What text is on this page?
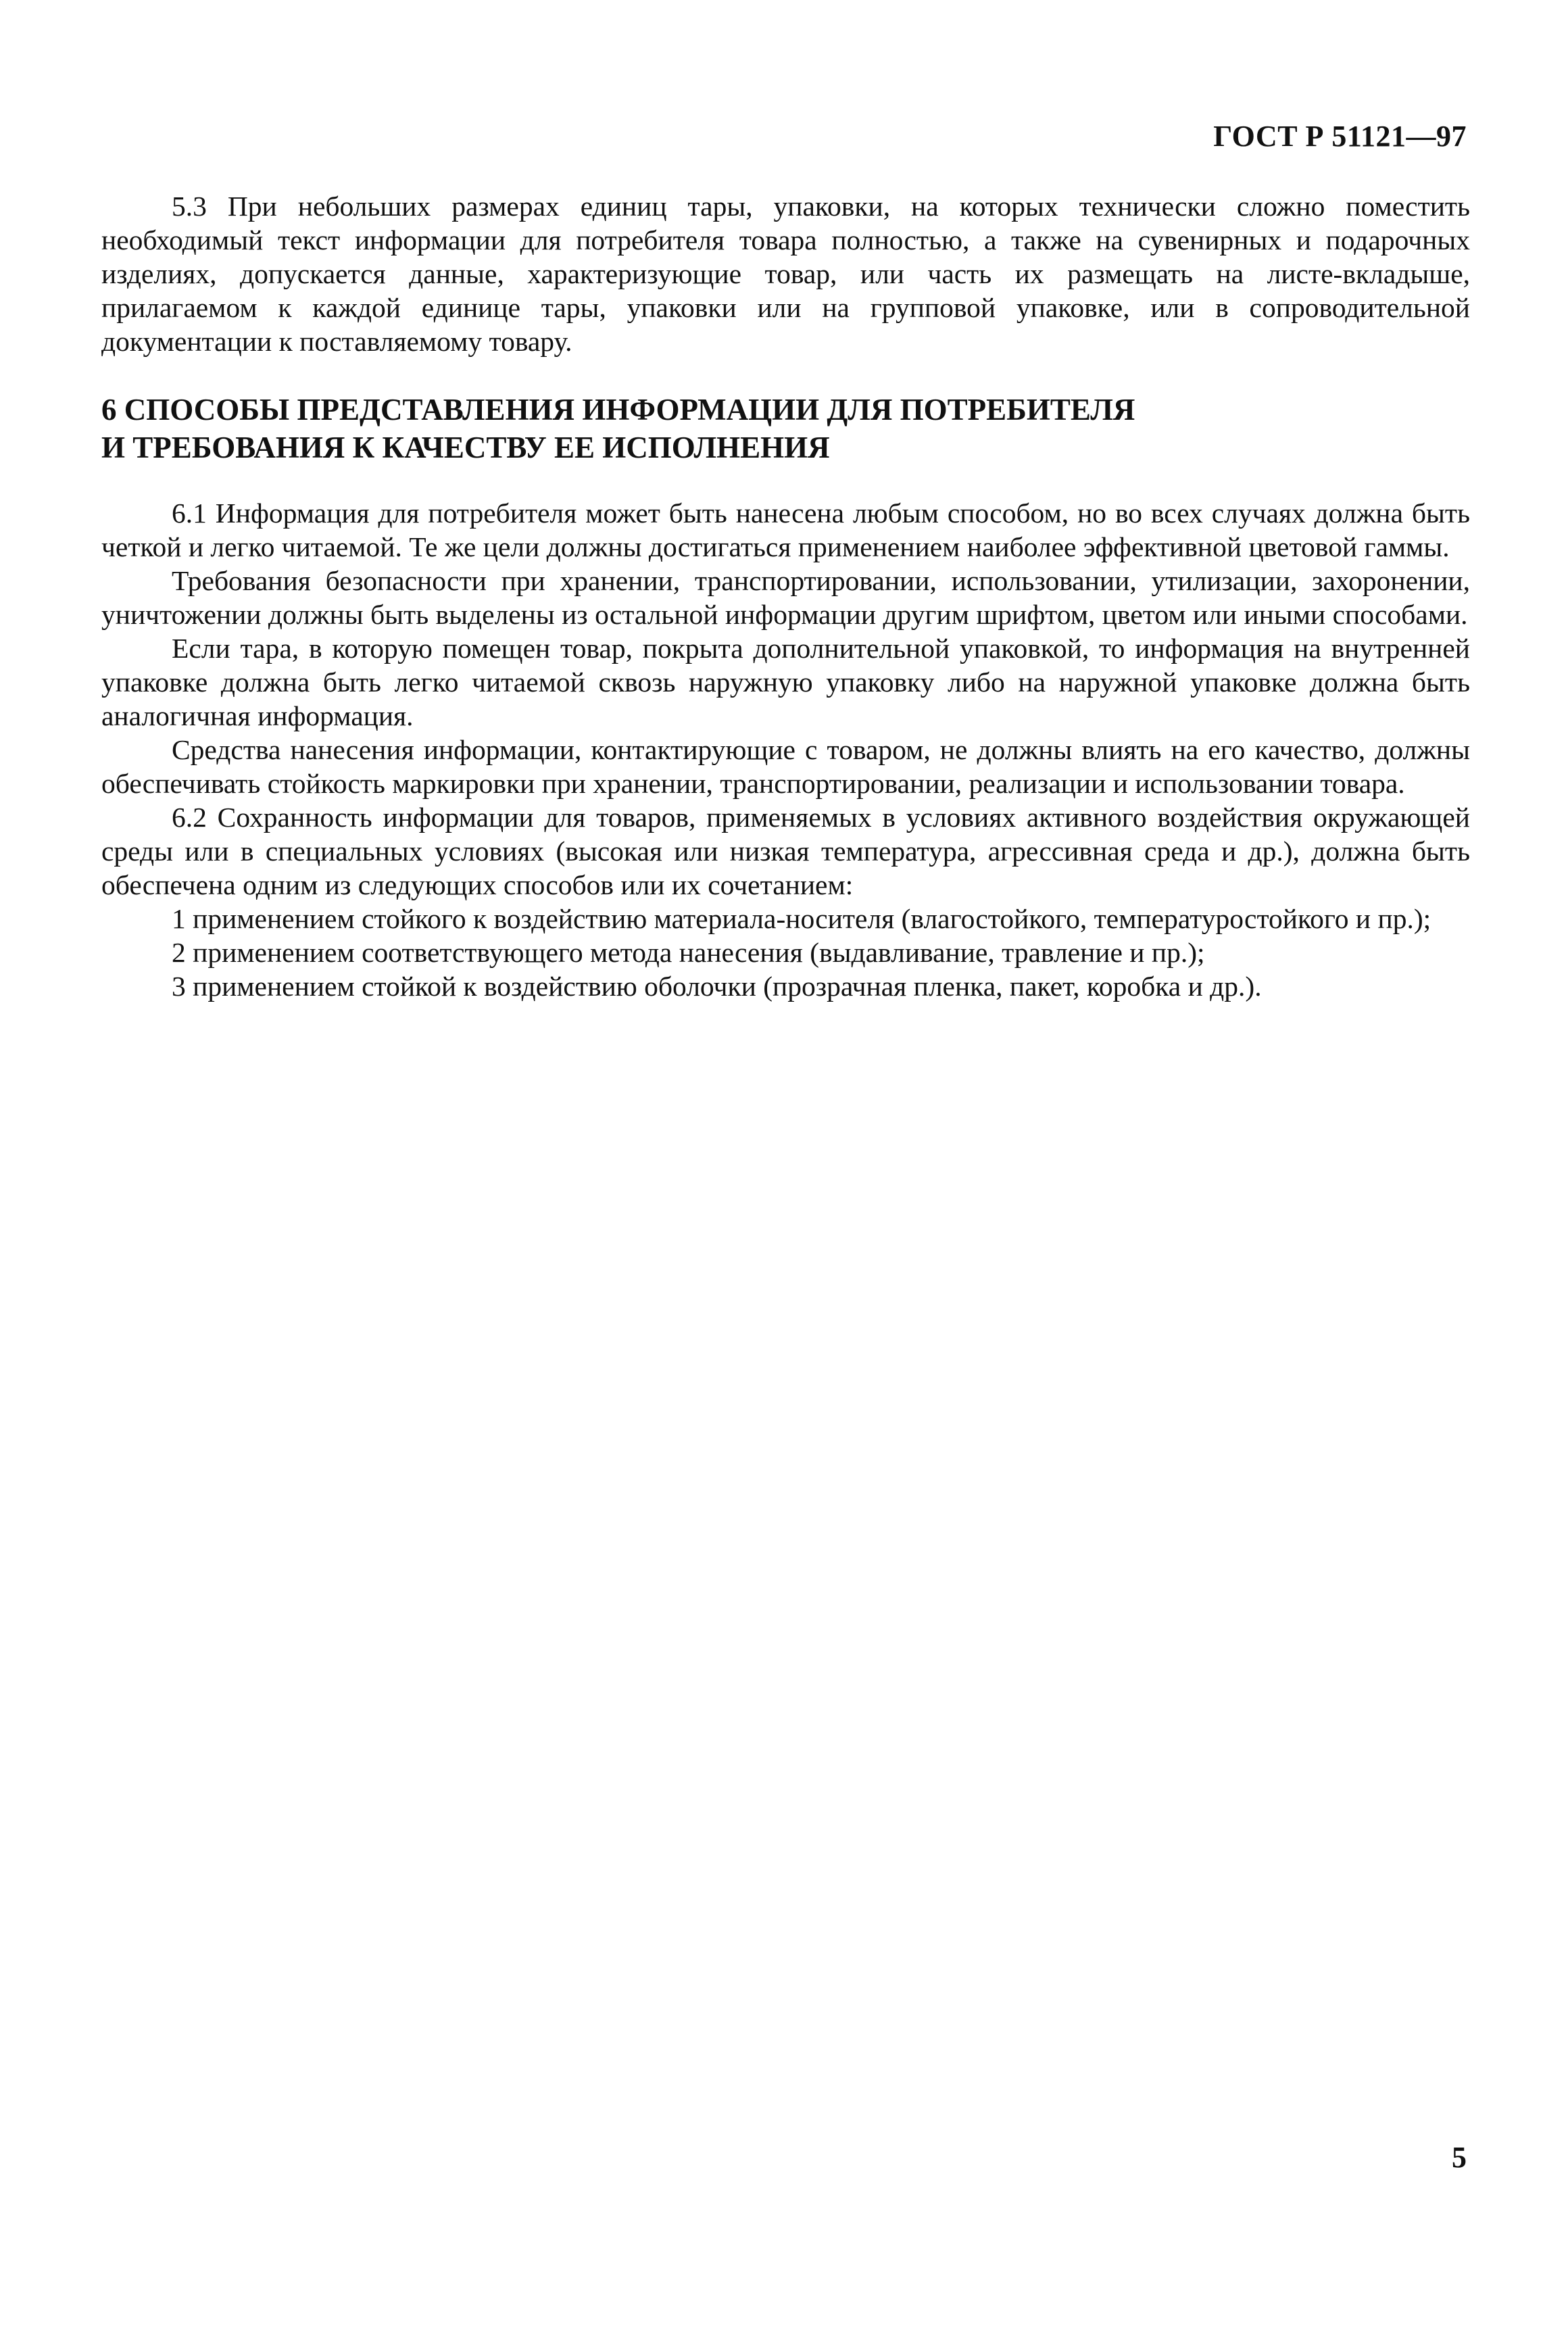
ГОСТ Р 51121—97

5.3 При небольших размерах единиц тары, упаковки, на которых технически сложно поместить необходимый текст информации для потребителя товара полностью, а также на сувенирных и подарочных изделиях, допускается данные, характеризующие товар, или часть их размещать на листе-вкладыше, прилагаемом к каждой единице тары, упаковки или на групповой упаковке, или в сопроводительной документации к поставляемому товару.

6 СПОСОБЫ ПРЕДСТАВЛЕНИЯ ИНФОРМАЦИИ ДЛЯ ПОТРЕБИТЕЛЯ
И ТРЕБОВАНИЯ К КАЧЕСТВУ ЕЕ ИСПОЛНЕНИЯ

6.1 Информация для потребителя может быть нанесена любым способом, но во всех случаях должна быть четкой и легко читаемой. Те же цели должны достигаться применением наиболее эффективной цветовой гаммы.

Требования безопасности при хранении, транспортировании, использовании, утилизации, захоронении, уничтожении должны быть выделены из остальной информации другим шрифтом, цветом или иными способами.

Если тара, в которую помещен товар, покрыта дополнительной упаковкой, то информация на внутренней упаковке должна быть легко читаемой сквозь наружную упаковку либо на наружной упаковке должна быть аналогичная информация.

Средства нанесения информации, контактирующие с товаром, не должны влиять на его качество, должны обеспечивать стойкость маркировки при хранении, транспортировании, реализации и использовании товара.

6.2 Сохранность информации для товаров, применяемых в условиях активного воздействия окружающей среды или в специальных условиях (высокая или низкая температура, агрессивная среда и др.), должна быть обеспечена одним из следующих способов или их сочетанием:

1 применением стойкого к воздействию материала-носителя (влагостойкого, температуростойкого и пр.);

2 применением соответствующего метода нанесения (выдавливание, травление и пр.);

3 применением стойкой к воздействию оболочки (прозрачная пленка, пакет, коробка и др.).

5
